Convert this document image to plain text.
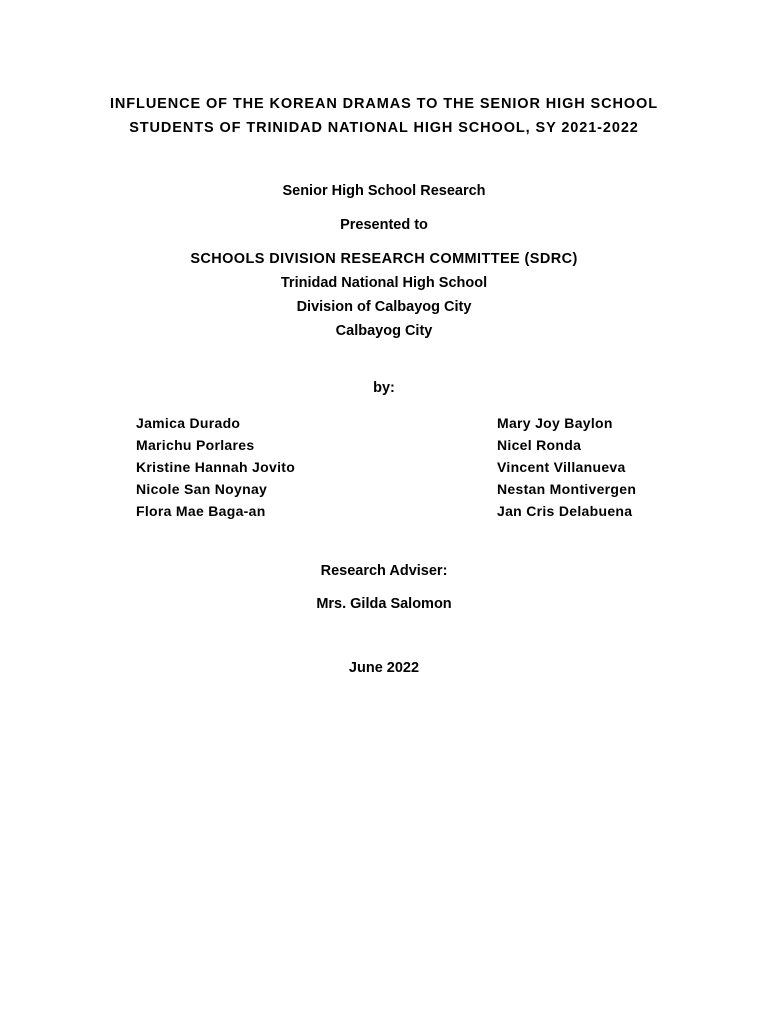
INFLUENCE OF THE KOREAN DRAMAS TO THE SENIOR HIGH SCHOOL
STUDENTS OF TRINIDAD NATIONAL HIGH SCHOOL, SY 2021-2022
Senior High School Research
Presented to
SCHOOLS DIVISION RESEARCH COMMITTEE (SDRC)
Trinidad National High School
Division of Calbayog City
Calbayog City
by:
Jamica Durado
Marichu Porlares
Kristine Hannah Jovito
Nicole San Noynay
Flora Mae Baga-an
Mary Joy Baylon
Nicel Ronda
Vincent Villanueva
Nestan Montivergen
Jan Cris Delabuena
Research Adviser:
Mrs. Gilda Salomon
June 2022
